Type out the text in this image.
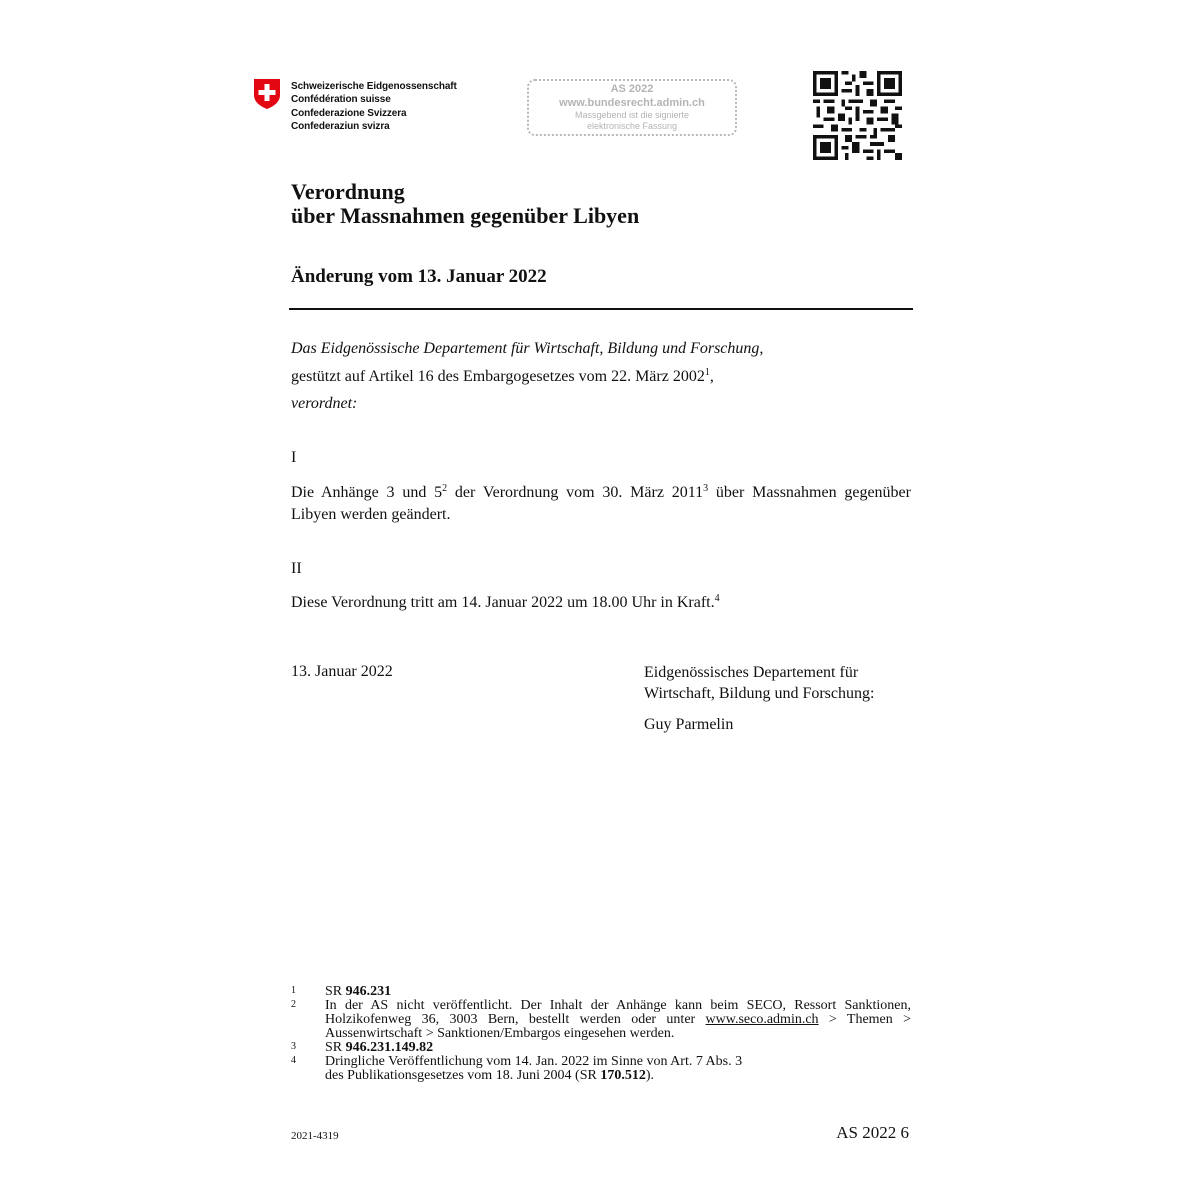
Schweizerische Eidgenossenschaft
Confédération suisse
Confederazione Svizzera
Confederaziun svizra
AS 2022
www.bundesrecht.admin.ch
Massgebend ist die signierte
elektronische Fassung
Verordnung
über Massnahmen gegenüber Libyen
Änderung vom 13. Januar 2022
Das Eidgenössische Departement für Wirtschaft, Bildung und Forschung,
gestützt auf Artikel 16 des Embargogesetzes vom 22. März 2002$^1$,
verordnet:
I
Die Anhänge 3 und $5^2$ der Verordnung vom 30. März 2011$^3$ über Massnahmen gegenüber Libyen werden geändert.
II
Diese Verordnung tritt am 14. Januar 2022 um 18.00 Uhr in Kraft.$^4$
13. Januar 2022	Eidgenössisches Departement für
Wirtschaft, Bildung und Forschung:
Guy Parmelin
1	SR 946.231
2	In der AS nicht veröffentlicht. Der Inhalt der Anhänge kann beim SECO, Ressort Sanktionen, Holzikofenweg 36, 3003 Bern, bestellt werden oder unter www.seco.admin.ch > Themen > Aussenwirtschaft > Sanktionen/Embargos eingesehen werden.
3	SR 946.231.149.82
4	Dringliche Veröffentlichung vom 14. Jan. 2022 im Sinne von Art. 7 Abs. 3
des Publikationsgesetzes vom 18. Juni 2004 (SR 170.512).
2021-4319	AS 2022 6
